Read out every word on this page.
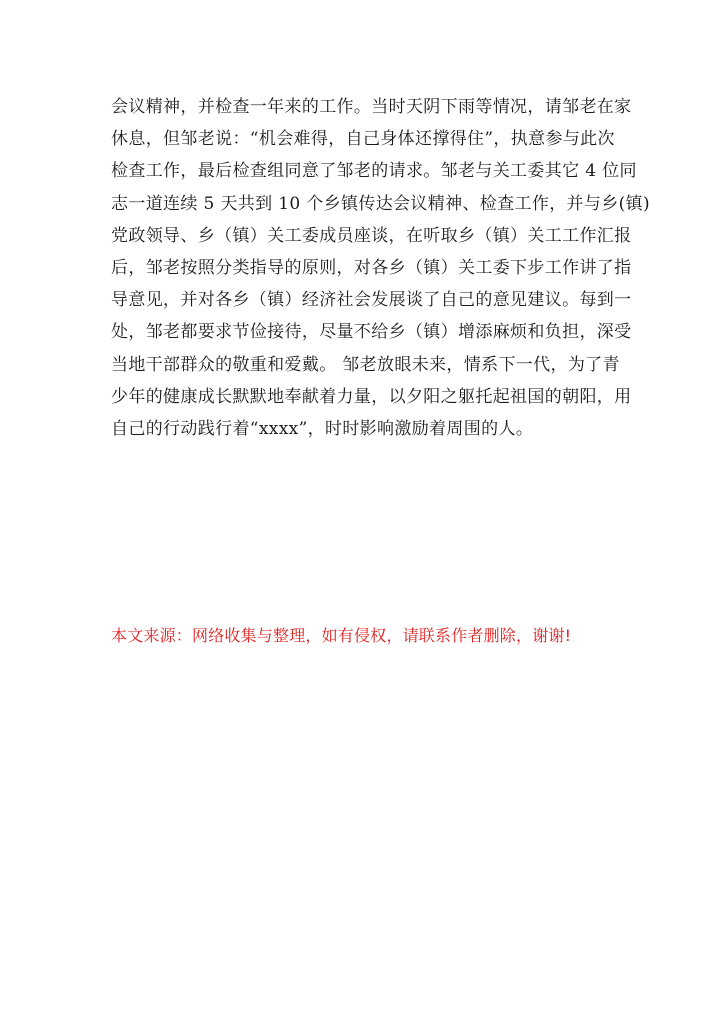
会议精神，并检查一年来的工作。当时天阴下雨等情况，请邹老在家
休息，但邹老说：“机会难得，自己身体还撑得住”，执意参与此次
检查工作，最后检查组同意了邹老的请求。邹老与关工委其它 4 位同
志一道连续 5 天共到 10 个乡镇传达会议精神、检查工作，并与乡(镇)
党政领导、乡（镇）关工委成员座谈，在听取乡（镇）关工工作汇报
后，邹老按照分类指导的原则，对各乡（镇）关工委下步工作讲了指
导意见，并对各乡（镇）经济社会发展谈了自己的意见建议。每到一
处，邹老都要求节俭接待，尽量不给乡（镇）增添麻烦和负担，深受
当地干部群众的敬重和爱戴。 邹老放眼未来，情系下一代，为了青
少年的健康成长默默地奉献着力量，以夕阳之躯托起祖国的朝阳，用
自己的行动践行着“xxxx”，时时影响激励着周围的人。
本文来源：网络收集与整理，如有侵权，请联系作者删除，谢谢!
